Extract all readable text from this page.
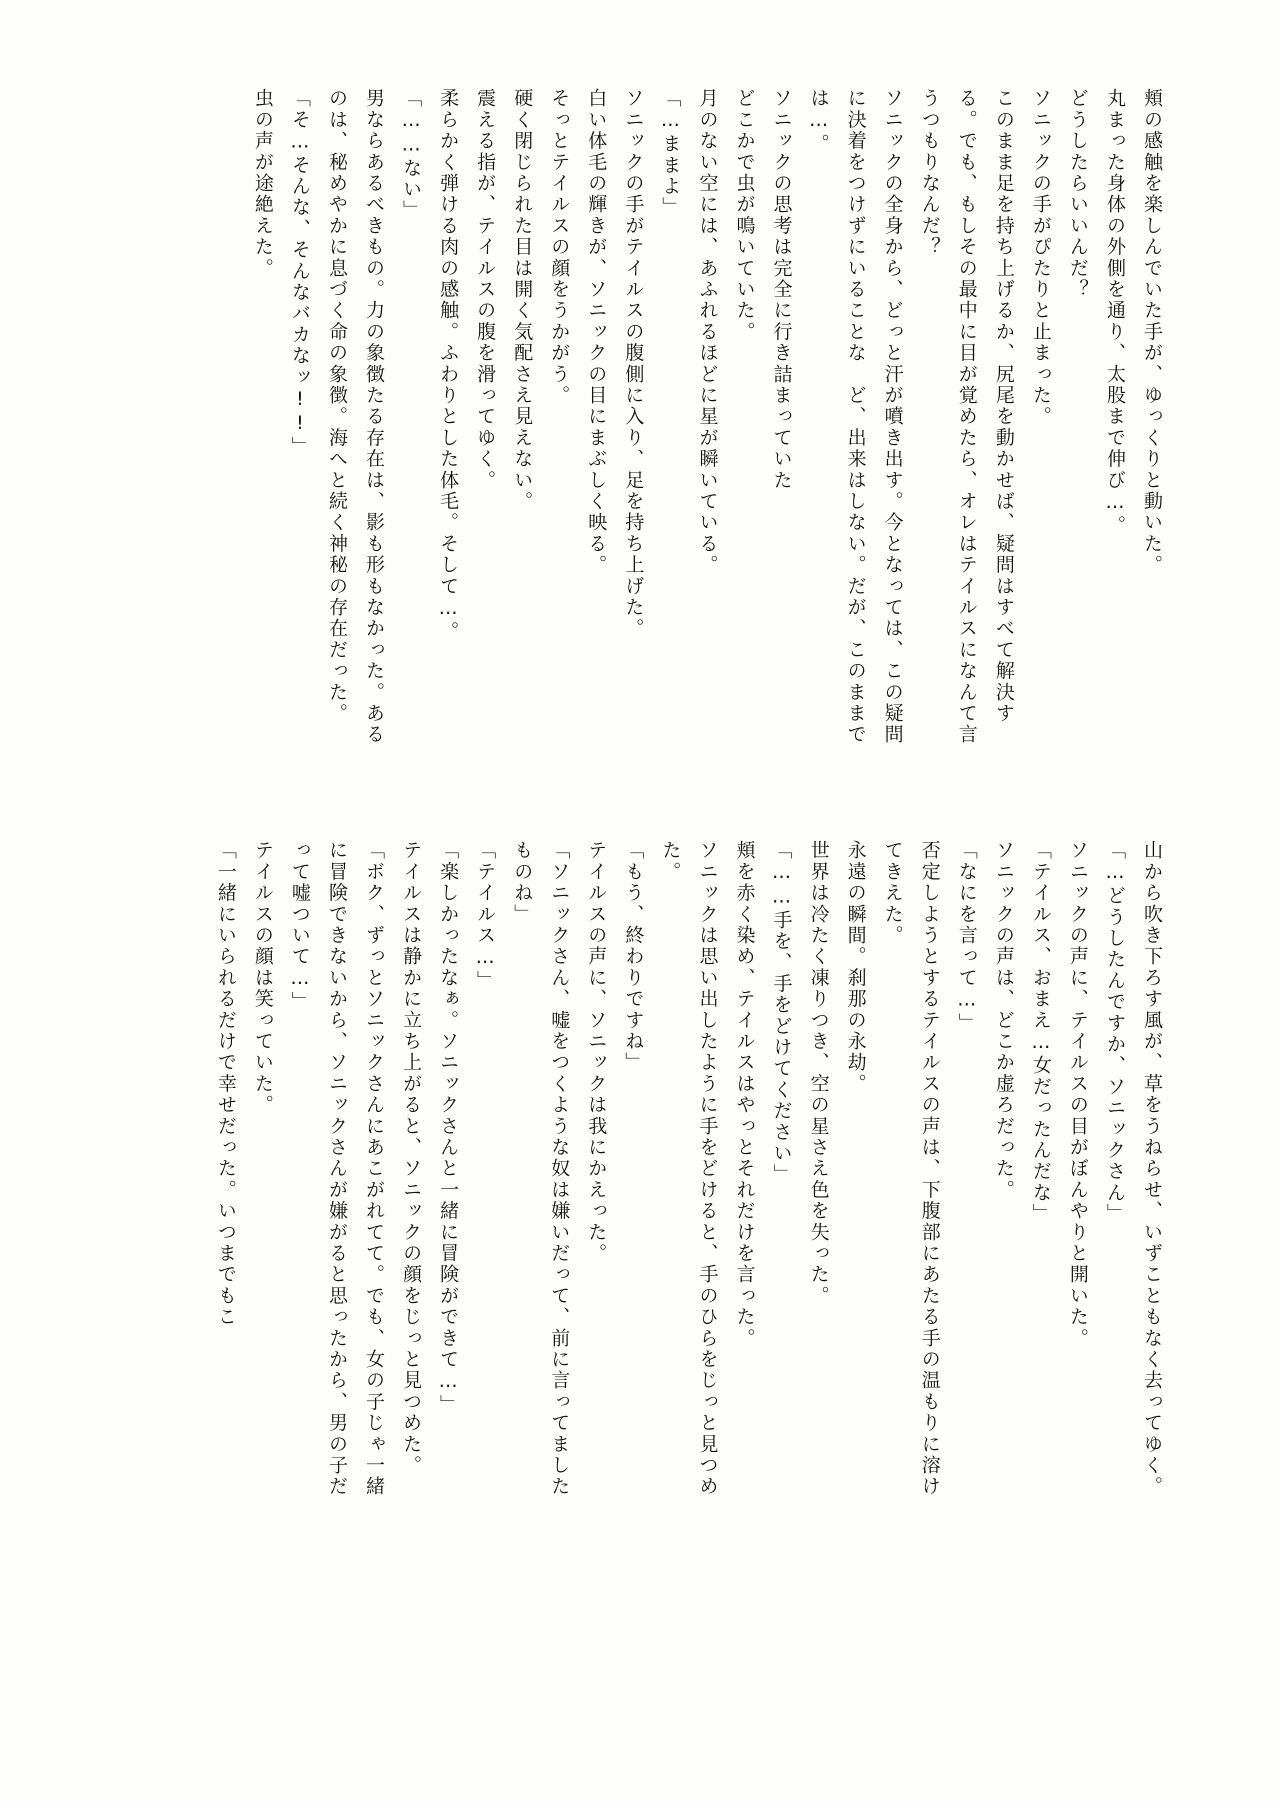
頬の感触を楽しんでいた手が、ゆっくりと動いた。

丸まった身体の外側を通り、太股まで伸び…。

どうしたらいいんだ？

ソニックの手がぴたりと止まった。

このまま足を持ち上げるか、尻尾を動かせば、疑問はすべて解決する。でも、もしその最中に目が覚めたら、オレはテイルスになんて言うつもりなんだ？

ソニックの全身から、どっと汗が噴き出す。今となっては、この疑問に決着をつけずにいることな　ど、出来はしない。だが、このままでは…。

ソニックの思考は完全に行き詰まっていた

どこかで虫が鳴いていた。

月のない空には、あふれるほどに星が瞬いている。

「…ままよ」

ソニックの手がテイルスの腹側に入り、足を持ち上げた。

白い体毛の輝きが、ソニックの目にまぶしく映る。

そっとテイルスの顔をうかがう。

硬く閉じられた目は開く気配さえ見えない。

震える指が、テイルスの腹を滑ってゆく。

柔らかく弾ける肉の感触。ふわりとした体毛。そして…。

「……ない」

男ならあるべきもの。力の象徴たる存在は、影も形もなかった。あるのは、秘めやかに息づく命の象徴。海へと続く神秘の存在だった。

「そ…そんな、そんなバカなッ!!」

虫の声が途絶えた。

山から吹き下ろす風が、草をうねらせ、いずこともなく去ってゆく。

「…どうしたんですか、ソニックさん」

ソニックの声に、テイルスの目がぼんやりと開いた。

「テイルス、おまえ…女だったんだな」

ソニックの声は、どこか虚ろだった。

「なにを言って…」

否定しようとするテイルスの声は、下腹部にあたる手の温もりに溶けてきえた。

永遠の瞬間。刹那の永劫。

世界は冷たく凍りつき、空の星さえ色を失った。

「……手を、手をどけてください」

頬を赤く染め、テイルスはやっとそれだけを言った。

ソニックは思い出したように手をどけると、手のひらをじっと見つめた。

「もう、終わりですね」

テイルスの声に、ソニックは我にかえった。

「ソニックさん、嘘をつくような奴は嫌いだって、前に言ってましたものね」

「テイルス…」

「楽しかったなぁ。ソニックさんと一緒に冒険ができて…」

テイルスは静かに立ち上がると、ソニックの顔をじっと見つめた。

「ボク、ずっとソニックさんにあこがれてて。でも、女の子じゃ一緒に冒険できないから、ソニックさんが嫌がると思ったから、男の子だって嘘ついて…」

テイルスの顔は笑っていた。

「一緒にいられるだけで幸せだった。いつまでもこ
